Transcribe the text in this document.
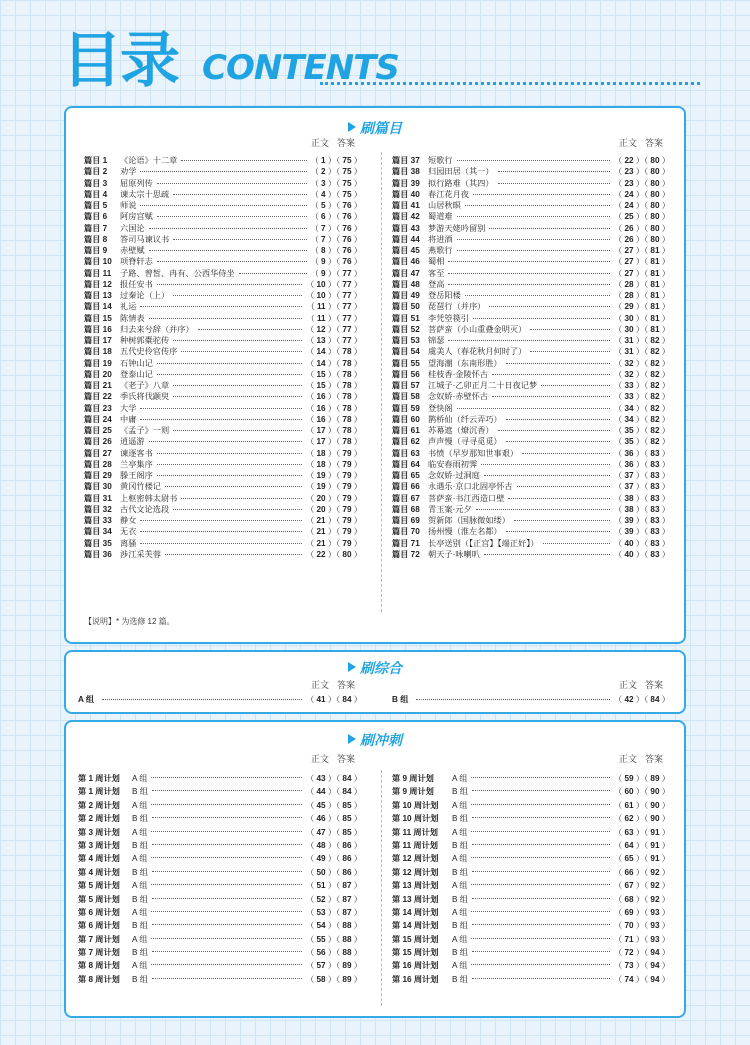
目录 CONTENTS
刷篇目
正文 答案	正文 答案
篇目 1 《论语》十二章	（ 1 ）（ 75 ）
篇目 2 劝学	（ 2 ）（ 75 ）
篇目 3 屈原列传	（ 3 ）（ 75 ）
篇目 4 谏太宗十思疏	（ 4 ）（ 75 ）
篇目 5 师说	（ 5 ）（ 76 ）
篇目 6 阿房宫赋	（ 6 ）（ 76 ）
篇目 7 六国论	（ 7 ）（ 76 ）
篇目 8 答司马谏议书	（ 7 ）（ 76 ）
篇目 9 赤壁赋	（ 8 ）（ 76 ）
篇目 10 项脊轩志	（ 9 ）（ 76 ）
篇目 11 子路、曾皙、冉有、公西华侍坐	（ 9 ）（ 77 ）
篇目 12 报任安书	（ 10 ）（ 77 ）
篇目 13 过秦论（上）	（ 10 ）（ 77 ）
篇目 14 礼运	（ 11 ）（ 77 ）
篇目 15 陈情表	（ 11 ）（ 77 ）
篇目 16 归去来兮辞（并序）	（ 12 ）（ 77 ）
篇目 17 种树郭橐驼传	（ 13 ）（ 77 ）
篇目 18 五代史伶官传序	（ 14 ）（ 78 ）
篇目 19 石钟山记	（ 14 ）（ 78 ）
篇目 20 登泰山记	（ 15 ）（ 78 ）
篇目 21 《老子》八章	（ 15 ）（ 78 ）
篇目 22 季氏将伐颛臾	（ 16 ）（ 78 ）
篇目 23 大学	（ 16 ）（ 78 ）
篇目 24 中庸	（ 16 ）（ 78 ）
篇目 25 《孟子》一则	（ 17 ）（ 78 ）
篇目 26 逍遥游	（ 17 ）（ 78 ）
篇目 27 谏逐客书	（ 18 ）（ 79 ）
篇目 28 兰亭集序	（ 18 ）（ 79 ）
篇目 29 滕王阁序	（ 19 ）（ 79 ）
篇目 30 黄冈竹楼记	（ 19 ）（ 79 ）
篇目 31 上枢密韩太尉书	（ 20 ）（ 79 ）
篇目 32 古代文论选段	（ 20 ）（ 79 ）
篇目 33 静女	（ 21 ）（ 79 ）
篇目 34 无衣	（ 21 ）（ 79 ）
篇目 35 离骚	（ 21 ）（ 79 ）
篇目 36 涉江采芙蓉	（ 22 ）（ 80 ）
篇目 37 短歌行	（ 22 ）（ 80 ）
篇目 38 归园田居（其一）	（ 23 ）（ 80 ）
篇目 39 拟行路难（其四）	（ 23 ）（ 80 ）
篇目 40 春江花月夜	（ 24 ）（ 80 ）
篇目 41 山居秋暝	（ 24 ）（ 80 ）
篇目 42 蜀道难	（ 25 ）（ 80 ）
篇目 43 梦游天姥吟留别	（ 26 ）（ 80 ）
篇目 44 将进酒	（ 26 ）（ 80 ）
篇目 45 燕歌行	（ 27 ）（ 81 ）
篇目 46 蜀相	（ 27 ）（ 81 ）
篇目 47 客至	（ 27 ）（ 81 ）
篇目 48 登高	（ 28 ）（ 81 ）
篇目 49 登岳阳楼	（ 28 ）（ 81 ）
篇目 50 琵琶行（并序）	（ 29 ）（ 81 ）
篇目 51 李凭箜篌引	（ 30 ）（ 81 ）
篇目 52 菩萨蛮（小山重叠金明灭）	（ 30 ）（ 81 ）
篇目 53 锦瑟	（ 31 ）（ 82 ）
篇目 54 虞美人（春花秋月何时了）	（ 31 ）（ 82 ）
篇目 55 望海潮（东南形胜）	（ 32 ）（ 82 ）
篇目 56 桂枝香·金陵怀古	（ 32 ）（ 82 ）
篇目 57 江城子·乙卯正月二十日夜记梦	（ 33 ）（ 82 ）
篇目 58 念奴娇·赤壁怀古	（ 33 ）（ 82 ）
篇目 59 登快阁	（ 34 ）（ 82 ）
篇目 60 鹊桥仙（纤云弄巧）	（ 34 ）（ 82 ）
篇目 61 苏幕遮（燎沉香）	（ 35 ）（ 82 ）
篇目 62 声声慢（寻寻觅觅）	（ 35 ）（ 82 ）
篇目 63 书愤（早岁那知世事艰）	（ 36 ）（ 83 ）
篇目 64 临安春雨初霁	（ 36 ）（ 83 ）
篇目 65 念奴娇·过洞庭	（ 37 ）（ 83 ）
篇目 66 永遇乐·京口北固亭怀古	（ 37 ）（ 83 ）
篇目 67 菩萨蛮·书江西造口壁	（ 38 ）（ 83 ）
篇目 68 青玉案·元夕	（ 38 ）（ 83 ）
篇目 69 贺新郎（国脉微如缕）	（ 39 ）（ 83 ）
篇目 70 扬州慢（淮左名都）	（ 39 ）（ 83 ）
篇目 71 长亭送别（【正宫】【端正好】）	（ 40 ）（ 83 ）
篇目 72 朝天子·咏喇叭	（ 40 ）（ 83 ）
【说明】* 为选修 12 篇。
刷综合
正文 答案	正文 答案
A 组	（ 41 ）（ 84 ）	B 组	（ 42 ）（ 84 ）
刷冲刺
正文 答案	正文 答案
第 1 周计划 A 组	（ 43 ）（ 84 ）
第 1 周计划 B 组	（ 44 ）（ 84 ）
第 2 周计划 A 组	（ 45 ）（ 85 ）
第 2 周计划 B 组	（ 46 ）（ 85 ）
第 3 周计划 A 组	（ 47 ）（ 85 ）
第 3 周计划 B 组	（ 48 ）（ 86 ）
第 4 周计划 A 组	（ 49 ）（ 86 ）
第 4 周计划 B 组	（ 50 ）（ 86 ）
第 5 周计划 A 组	（ 51 ）（ 87 ）
第 5 周计划 B 组	（ 52 ）（ 87 ）
第 6 周计划 A 组	（ 53 ）（ 87 ）
第 6 周计划 B 组	（ 54 ）（ 88 ）
第 7 周计划 A 组	（ 55 ）（ 88 ）
第 7 周计划 B 组	（ 56 ）（ 88 ）
第 8 周计划 A 组	（ 57 ）（ 89 ）
第 8 周计划 B 组	（ 58 ）（ 89 ）
第 9 周计划 A 组	（ 59 ）（ 89 ）
第 9 周计划 B 组	（ 60 ）（ 90 ）
第 10 周计划 A 组	（ 61 ）（ 90 ）
第 10 周计划 B 组	（ 62 ）（ 90 ）
第 11 周计划 A 组	（ 63 ）（ 91 ）
第 11 周计划 B 组	（ 64 ）（ 91 ）
第 12 周计划 A 组	（ 65 ）（ 91 ）
第 12 周计划 B 组	（ 66 ）（ 92 ）
第 13 周计划 A 组	（ 67 ）（ 92 ）
第 13 周计划 B 组	（ 68 ）（ 92 ）
第 14 周计划 A 组	（ 69 ）（ 93 ）
第 14 周计划 B 组	（ 70 ）（ 93 ）
第 15 周计划 A 组	（ 71 ）（ 93 ）
第 15 周计划 B 组	（ 72 ）（ 94 ）
第 16 周计划 A 组	（ 73 ）（ 94 ）
第 16 周计划 B 组	（ 74 ）（ 94 ）
